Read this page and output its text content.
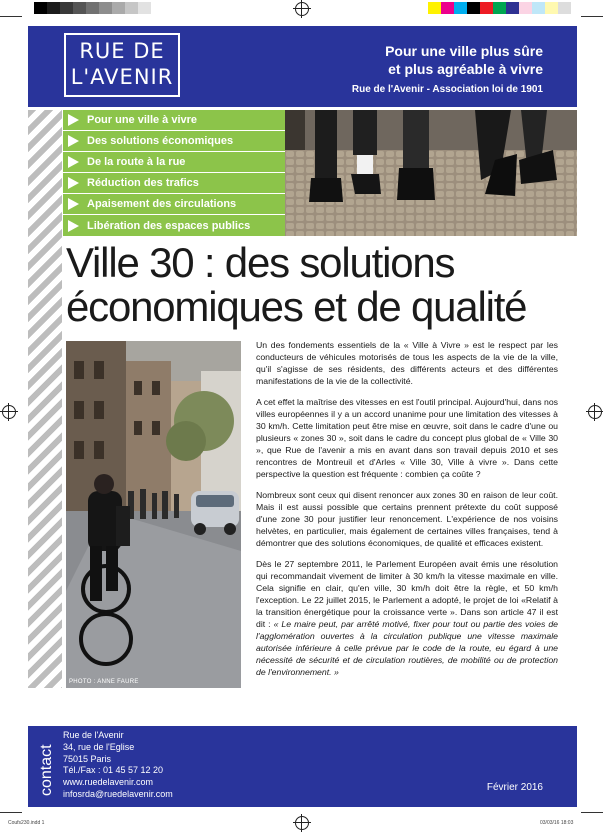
RUE DE
L'AVENIR
Pour une ville plus sûre
et plus agréable à vivre
Rue de l'Avenir - Association loi de 1901
Pour une ville à vivre
Des solutions économiques
De la route à la rue
Réduction des trafics
Apaisement des circulations
Libération des espaces publics
Ville 30 : des solutions économiques et de qualité
PHOTO : ANNE FAURE

Un des fondements essentiels de la « Ville à Vivre » est le respect par les conducteurs de véhicules motorisés de tous les aspects de la vie de la ville, qu'il s'agisse de ses résidents, des différents acteurs et des différentes manifestations de la vie de la collectivité.

A cet effet la maîtrise des vitesses en est l'outil principal. Aujourd'hui, dans nos villes européennes il y a un accord unanime pour une limitation des vitesses à 30 km/h. Cette limitation peut être mise en œuvre, soit dans le cadre d'une ou plusieurs « zones 30 », soit dans le cadre du concept plus global de « Ville 30 », que Rue de l'avenir a mis en avant dans son travail depuis 2010 et ses rencontres de Montreuil et d'Arles « Ville 30, Ville à vivre ». Dans cette perspective la question est fréquente : combien ça coûte ?

Nombreux sont ceux qui disent renoncer aux zones 30 en raison de leur coût. Mais il est aussi possible que certains prennent prétexte du coût supposé d'une zone 30 pour justifier leur renoncement. L'expérience de nos voisins helvètes, en particulier, mais également de certaines villes françaises, tend à démontrer que des solutions économiques, de qualité et efficaces existent.

Dès le 27 septembre 2011, le Parlement Européen avait émis une résolution qui recommandait vivement de limiter à 30 km/h la vitesse maximale en ville. Cela signifie en clair, qu'en ville, 30 km/h doit être la règle, et 50 km/h l'exception. Le 22 juillet 2015, le Parlement a adopté, le projet de loi «Relatif à la transition énergétique pour la croissance verte ». Dans son article 47 il est dit : « Le maire peut, par arrêté motivé, fixer pour tout ou partie des voies de l'agglomération ouvertes à la circulation publique une vitesse maximale autorisée inférieure à celle prévue par le code de la route, eu égard à une nécessité de sécurité et de circulation routières, de mobilité ou de protection de l'environnement. »

contact
Rue de l'Avenir
34, rue de l'Eglise
75015 Paris
Tél./Fax : 01 45 57 12 20
www.ruedelavenir.com
infosrda@ruedelavenir.com
Février 2016
Coufs230.indd 1	03/03/16 18:03
